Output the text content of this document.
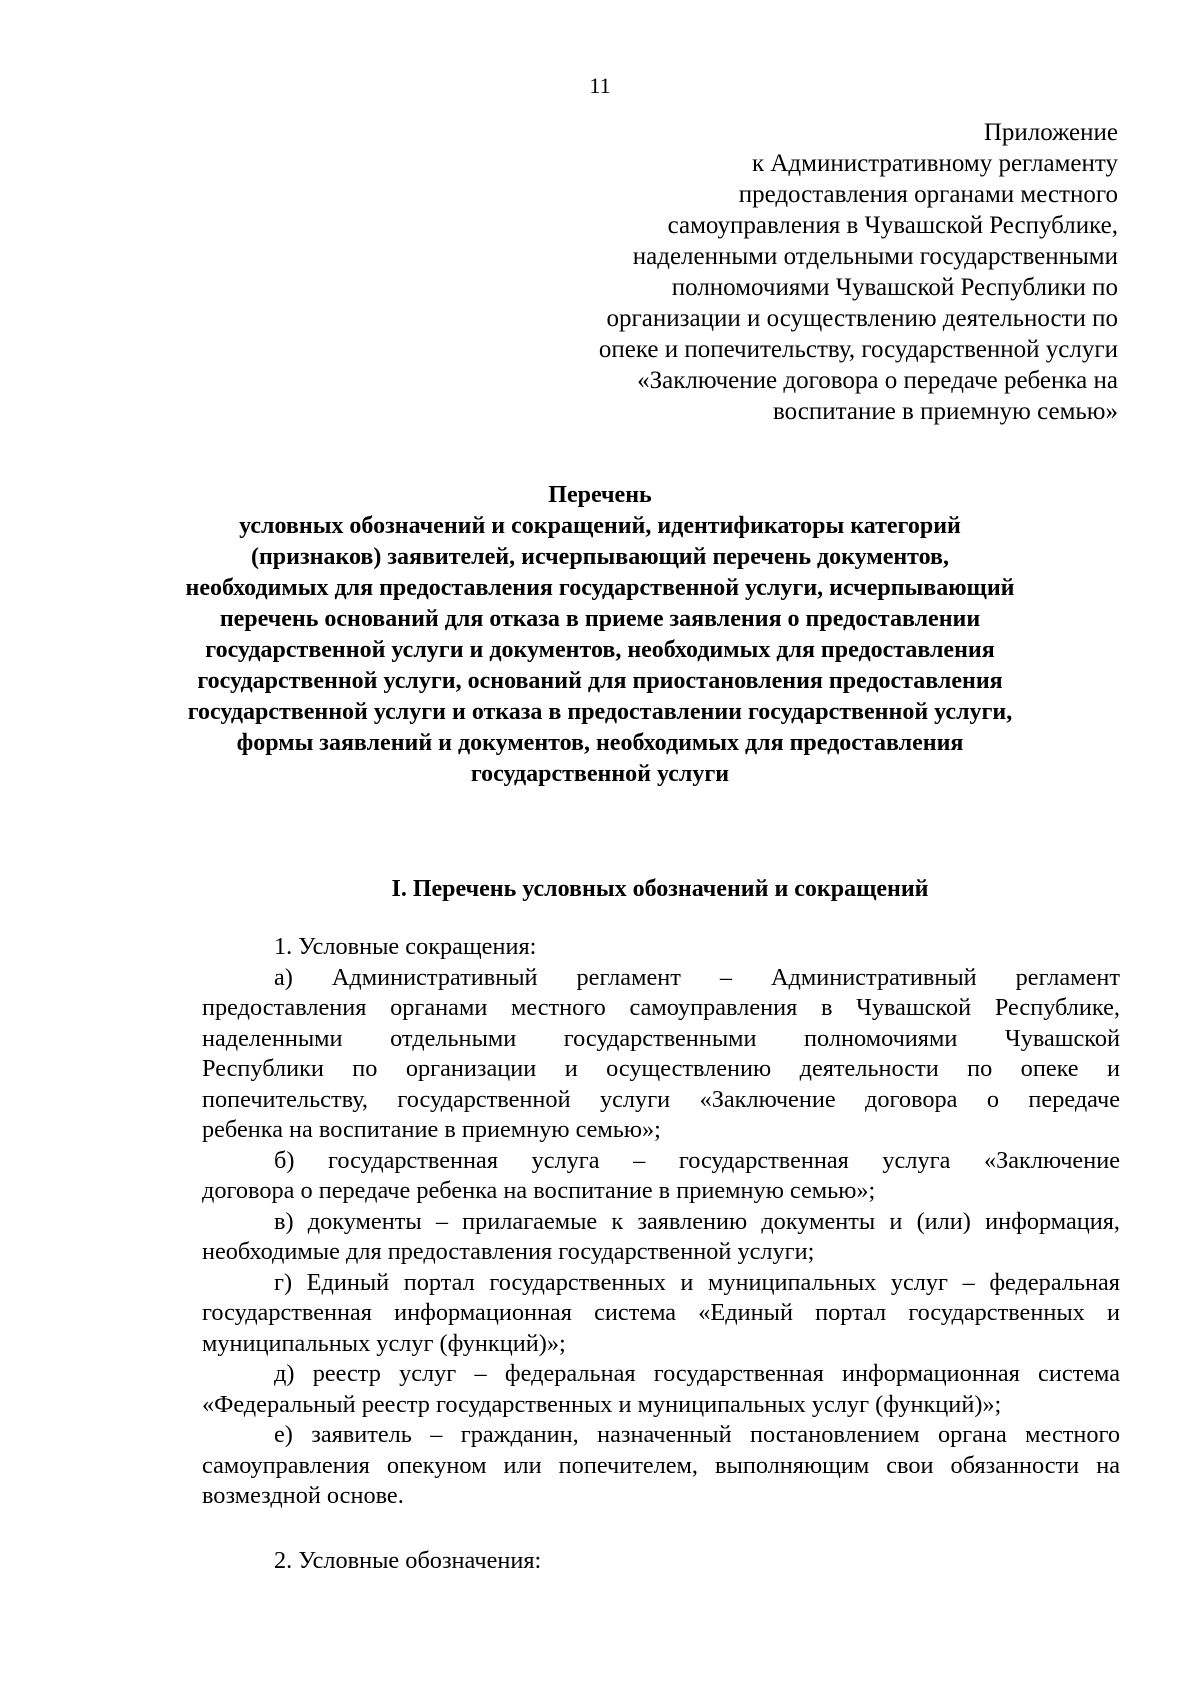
11
Приложение
к Административному регламенту
предоставления органами местного
самоуправления в Чувашской Республике,
наделенными отдельными государственными
полномочиями Чувашской Республики по
организации и осуществлению деятельности по
опеке и попечительству, государственной услуги
«Заключение договора о передаче ребенка на
воспитание в приемную семью»
Перечень
условных обозначений и сокращений, идентификаторы категорий
(признаков) заявителей, исчерпывающий перечень документов,
необходимых для предоставления государственной услуги, исчерпывающий
перечень оснований для отказа в приеме заявления о предоставлении
государственной услуги и документов, необходимых для предоставления
государственной услуги, оснований для приостановления предоставления
государственной услуги и отказа в предоставлении государственной услуги,
формы заявлений и документов, необходимых для предоставления
государственной услуги
I. Перечень условных обозначений и сокращений
1. Условные сокращения:
а) Административный регламент – Административный регламент
предоставления органами местного самоуправления в Чувашской Республике,
наделенными отдельными государственными полномочиями Чувашской
Республики по организации и осуществлению деятельности по опеке и
попечительству, государственной услуги «Заключение договора о передаче
ребенка на воспитание в приемную семью»;
б) государственная услуга – государственная услуга «Заключение
договора о передаче ребенка на воспитание в приемную семью»;
в) документы – прилагаемые к заявлению документы и (или) информация,
необходимые для предоставления государственной услуги;
г) Единый портал государственных и муниципальных услуг – федеральная
государственная информационная система «Единый портал государственных и
муниципальных услуг (функций)»;
д) реестр услуг – федеральная государственная информационная система
«Федеральный реестр государственных и муниципальных услуг (функций)»;
е) заявитель – гражданин, назначенный постановлением органа местного
самоуправления опекуном или попечителем, выполняющим свои обязанности на
возмездной основе.
2. Условные обозначения:
